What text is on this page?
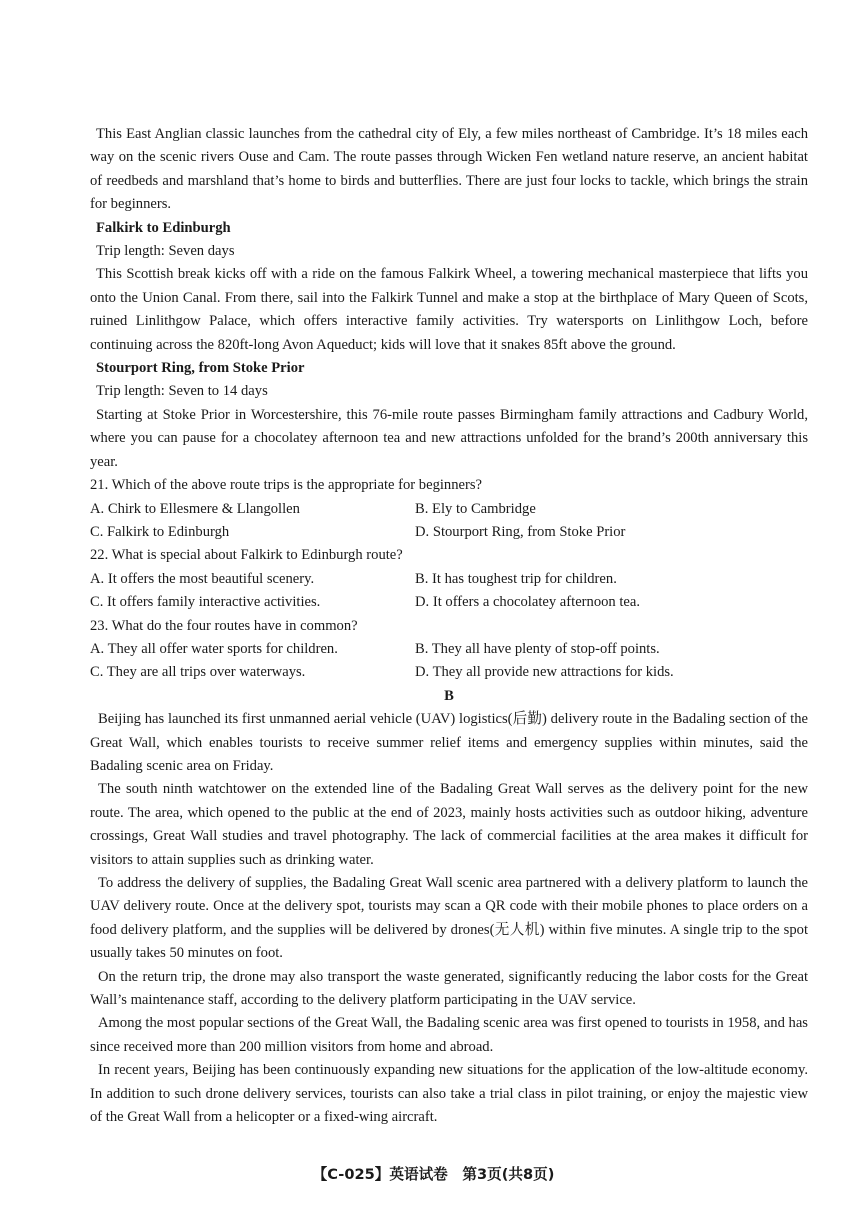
This East Anglian classic launches from the cathedral city of Ely, a few miles northeast of Cambridge. It’s 18 miles each way on the scenic rivers Ouse and Cam. The route passes through Wicken Fen wetland nature reserve, an ancient habitat of reedbeds and marshland that’s home to birds and butterflies. There are just four locks to tackle, which brings the strain for beginners.

Falkirk to Edinburgh

Trip length: Seven days

This Scottish break kicks off with a ride on the famous Falkirk Wheel, a towering mechanical masterpiece that lifts you onto the Union Canal. From there, sail into the Falkirk Tunnel and make a stop at the birthplace of Mary Queen of Scots, ruined Linlithgow Palace, which offers interactive family activities. Try watersports on Linlithgow Loch, before continuing across the 820ft-long Avon Aqueduct; kids will love that it snakes 85ft above the ground.

Stourport Ring, from Stoke Prior

Trip length: Seven to 14 days

Starting at Stoke Prior in Worcestershire, this 76-mile route passes Birmingham family attractions and Cadbury World, where you can pause for a chocolatey afternoon tea and new attractions unfolded for the brand’s 200th anniversary this year.

21. Which of the above route trips is the appropriate for beginners?

A. Chirk to Ellesmere & Llangollen	B. Ely to Cambridge
C. Falkirk to Edinburgh	D. Stourport Ring, from Stoke Prior

22. What is special about Falkirk to Edinburgh route?

A. It offers the most beautiful scenery.	B. It has toughest trip for children.
C. It offers family interactive activities.	D. It offers a chocolatey afternoon tea.

23. What do the four routes have in common?

A. They all offer water sports for children.	B. They all have plenty of stop-off points.
C. They are all trips over waterways.	D. They all provide new attractions for kids.

B

Beijing has launched its first unmanned aerial vehicle (UAV) logistics(后勤) delivery route in the Badaling section of the Great Wall, which enables tourists to receive summer relief items and emergency supplies within minutes, said the Badaling scenic area on Friday.

The south ninth watchtower on the extended line of the Badaling Great Wall serves as the delivery point for the new route. The area, which opened to the public at the end of 2023, mainly hosts activities such as outdoor hiking, adventure crossings, Great Wall studies and travel photography. The lack of commercial facilities at the area makes it difficult for visitors to attain supplies such as drinking water.

To address the delivery of supplies, the Badaling Great Wall scenic area partnered with a delivery platform to launch the UAV delivery route. Once at the delivery spot, tourists may scan a QR code with their mobile phones to place orders on a food delivery platform, and the supplies will be delivered by drones(无人机) within five minutes. A single trip to the spot usually takes 50 minutes on foot.

On the return trip, the drone may also transport the waste generated, significantly reducing the labor costs for the Great Wall’s maintenance staff, according to the delivery platform participating in the UAV service.

Among the most popular sections of the Great Wall, the Badaling scenic area was first opened to tourists in 1958, and has since received more than 200 million visitors from home and abroad.

In recent years, Beijing has been continuously expanding new situations for the application of the low-altitude economy. In addition to such drone delivery services, tourists can also take a trial class in pilot training, or enjoy the majestic view of the Great Wall from a helicopter or a fixed-wing aircraft.

【C-025】英语试卷　第3页(共8页)
